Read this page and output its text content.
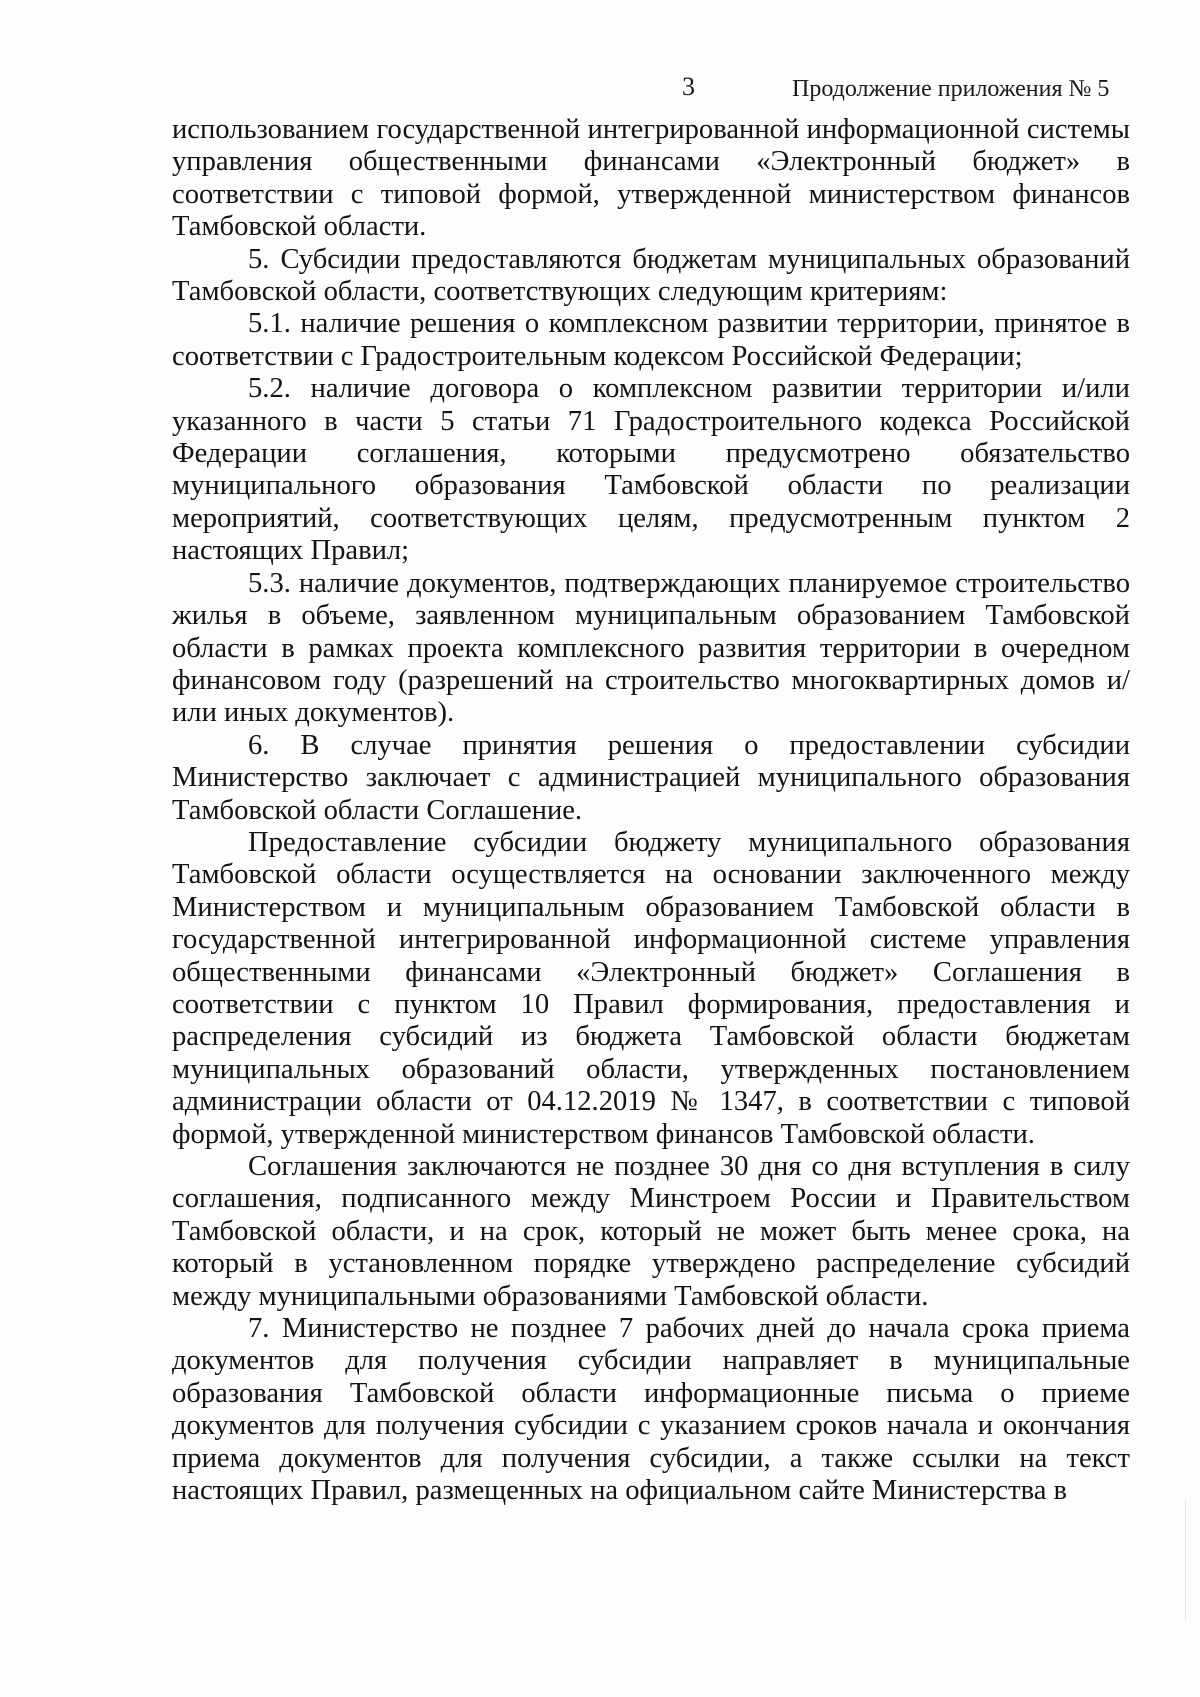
3	Продолжение приложения № 5

использованием государственной интегрированной информационной системы управления общественными финансами «Электронный бюджет» в соответствии с типовой формой, утвержденной министерством финансов Тамбовской области.

5. Субсидии предоставляются бюджетам муниципальных образований Тамбовской области, соответствующих следующим критериям:

5.1. наличие решения о комплексном развитии территории, принятое в соответствии с Градостроительным кодексом Российской Федерации;

5.2. наличие договора о комплексном развитии территории и/или указанного в части 5 статьи 71 Градостроительного кодекса Российской Федерации соглашения, которыми предусмотрено обязательство муниципального образования Тамбовской области по реализации мероприятий, соответствующих целям, предусмотренным пунктом 2 настоящих Правил;

5.3. наличие документов, подтверждающих планируемое строительство жилья в объеме, заявленном муниципальным образованием Тамбовской области в рамках проекта комплексного развития территории в очередном финансовом году (разрешений на строительство многоквартирных домов и/или иных документов).

6. В случае принятия решения о предоставлении субсидии Министерство заключает с администрацией муниципального образования Тамбовской области Соглашение.

Предоставление субсидии бюджету муниципального образования Тамбовской области осуществляется на основании заключенного между Министерством и муниципальным образованием Тамбовской области в государственной интегрированной информационной системе управления общественными финансами «Электронный бюджет» Соглашения в соответствии с пунктом 10 Правил формирования, предоставления и распределения субсидий из бюджета Тамбовской области бюджетам муниципальных образований области, утвержденных постановлением администрации области от 04.12.2019 № 1347, в соответствии с типовой формой, утвержденной министерством финансов Тамбовской области.

Соглашения заключаются не позднее 30 дня со дня вступления в силу соглашения, подписанного между Минстроем России и Правительством Тамбовской области, и на срок, который не может быть менее срока, на который в установленном порядке утверждено распределение субсидий между муниципальными образованиями Тамбовской области.

7. Министерство не позднее 7 рабочих дней до начала срока приема документов для получения субсидии направляет в муниципальные образования Тамбовской области информационные письма о приеме документов для получения субсидии с указанием сроков начала и окончания приема документов для получения субсидии, а также ссылки на текст настоящих Правил, размещенных на официальном сайте Министерства в
